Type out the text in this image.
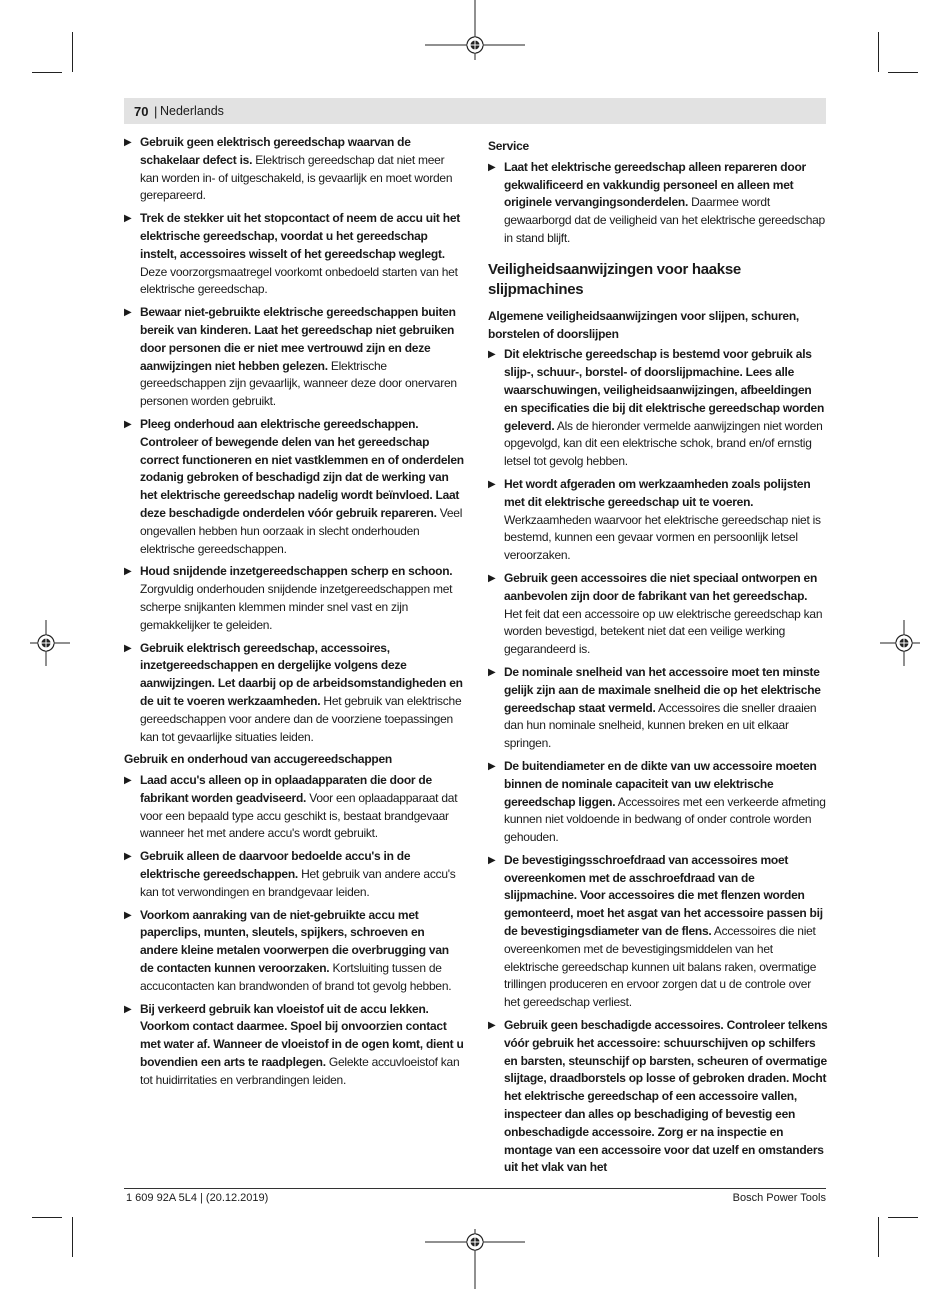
70 | Nederlands
▶ Gebruik geen elektrisch gereedschap waarvan de schakelaar defect is. Elektrisch gereedschap dat niet meer kan worden in- of uitgeschakeld, is gevaarlijk en moet worden gerepareerd.
▶ Trek de stekker uit het stopcontact of neem de accu uit het elektrische gereedschap, voordat u het gereedschap instelt, accessoires wisselt of het gereedschap weglegt. Deze voorzorgsmaatregel voorkomt onbedoeld starten van het elektrische gereedschap.
▶ Bewaar niet-gebruikte elektrische gereedschappen buiten bereik van kinderen. Laat het gereedschap niet gebruiken door personen die er niet mee vertrouwd zijn en deze aanwijzingen niet hebben gelezen. Elektrische gereedschappen zijn gevaarlijk, wanneer deze door onervaren personen worden gebruikt.
▶ Pleeg onderhoud aan elektrische gereedschappen. Controleer of bewegende delen van het gereedschap correct functioneren en niet vastklemmen en of onderdelen zodanig gebroken of beschadigd zijn dat de werking van het elektrische gereedschap nadelig wordt beïnvloed. Laat deze beschadigde onderdelen vóór gebruik repareren. Veel ongevallen hebben hun oorzaak in slecht onderhouden elektrische gereedschappen.
▶ Houd snijdende inzetgereedschappen scherp en schoon. Zorgvuldig onderhouden snijdende inzetgereedschappen met scherpe snijkanten klemmen minder snel vast en zijn gemakkelijker te geleiden.
▶ Gebruik elektrisch gereedschap, accessoires, inzetgereedschappen en dergelijke volgens deze aanwijzingen. Let daarbij op de arbeidsomstandigheden en de uit te voeren werkzaamheden. Het gebruik van elektrische gereedschappen voor andere dan de voorziene toepassingen kan tot gevaarlijke situaties leiden.
Gebruik en onderhoud van accugereedschappen
▶ Laad accu's alleen op in oplaadapparaten die door de fabrikant worden geadviseerd. Voor een oplaadapparaat dat voor een bepaald type accu geschikt is, bestaat brandgevaar wanneer het met andere accu's wordt gebruikt.
▶ Gebruik alleen de daarvoor bedoelde accu's in de elektrische gereedschappen. Het gebruik van andere accu's kan tot verwondingen en brandgevaar leiden.
▶ Voorkom aanraking van de niet-gebruikte accu met paperclips, munten, sleutels, spijkers, schroeven en andere kleine metalen voorwerpen die overbrugging van de contacten kunnen veroorzaken. Kortsluiting tussen de accucontacten kan brandwonden of brand tot gevolg hebben.
▶ Bij verkeerd gebruik kan vloeistof uit de accu lekken. Voorkom contact daarmee. Spoel bij onvoorzien contact met water af. Wanneer de vloeistof in de ogen komt, dient u bovendien een arts te raadplegen. Gelekte accuvloeistof kan tot huidirritaties en verbrandingen leiden.
Service
▶ Laat het elektrische gereedschap alleen repareren door gekwalificeerd en vakkundig personeel en alleen met originele vervangingsonderdelen. Daarmee wordt gewaarborgd dat de veiligheid van het elektrische gereedschap in stand blijft.
Veiligheidsaanwijzingen voor haakse slijpmachines
Algemene veiligheidsaanwijzingen voor slijpen, schuren, borstelen of doorslijpen
▶ Dit elektrische gereedschap is bestemd voor gebruik als slijp-, schuur-, borstel- of doorslijpmachine. Lees alle waarschuwingen, veiligheidsaanwijzingen, afbeeldingen en specificaties die bij dit elektrische gereedschap worden geleverd. Als de hieronder vermelde aanwijzingen niet worden opgevolgd, kan dit een elektrische schok, brand en/of ernstig letsel tot gevolg hebben.
▶ Het wordt afgeraden om werkzaamheden zoals polijsten met dit elektrische gereedschap uit te voeren. Werkzaamheden waarvoor het elektrische gereedschap niet is bestemd, kunnen een gevaar vormen en persoonlijk letsel veroorzaken.
▶ Gebruik geen accessoires die niet speciaal ontworpen en aanbevolen zijn door de fabrikant van het gereedschap. Het feit dat een accessoire op uw elektrische gereedschap kan worden bevestigd, betekent niet dat een veilige werking gegarandeerd is.
▶ De nominale snelheid van het accessoire moet ten minste gelijk zijn aan de maximale snelheid die op het elektrische gereedschap staat vermeld. Accessoires die sneller draaien dan hun nominale snelheid, kunnen breken en uit elkaar springen.
▶ De buitendiameter en de dikte van uw accessoire moeten binnen de nominale capaciteit van uw elektrische gereedschap liggen. Accessoires met een verkeerde afmeting kunnen niet voldoende in bedwang of onder controle worden gehouden.
▶ De bevestigingsschroefdraad van accessoires moet overeenkomen met de asschroefdraad van de slijpmachine. Voor accessoires die met flenzen worden gemonteerd, moet het asgat van het accessoire passen bij de bevestigingsdiameter van de flens. Accessoires die niet overeenkomen met de bevestigingsmiddelen van het elektrische gereedschap kunnen uit balans raken, overmatige trillingen produceren en ervoor zorgen dat u de controle over het gereedschap verliest.
▶ Gebruik geen beschadigde accessoires. Controleer telkens vóór gebruik het accessoire: schuurschijven op schilfers en barsten, steunschijf op barsten, scheuren of overmatige slijtage, draadborstels op losse of gebroken draden. Mocht het elektrische gereedschap of een accessoire vallen, inspecteer dan alles op beschadiging of bevestig een onbeschadigde accessoire. Zorg er na inspectie en montage van een accessoire voor dat uzelf en omstanders uit het vlak van het
1 609 92A 5L4 | (20.12.2019)	Bosch Power Tools
